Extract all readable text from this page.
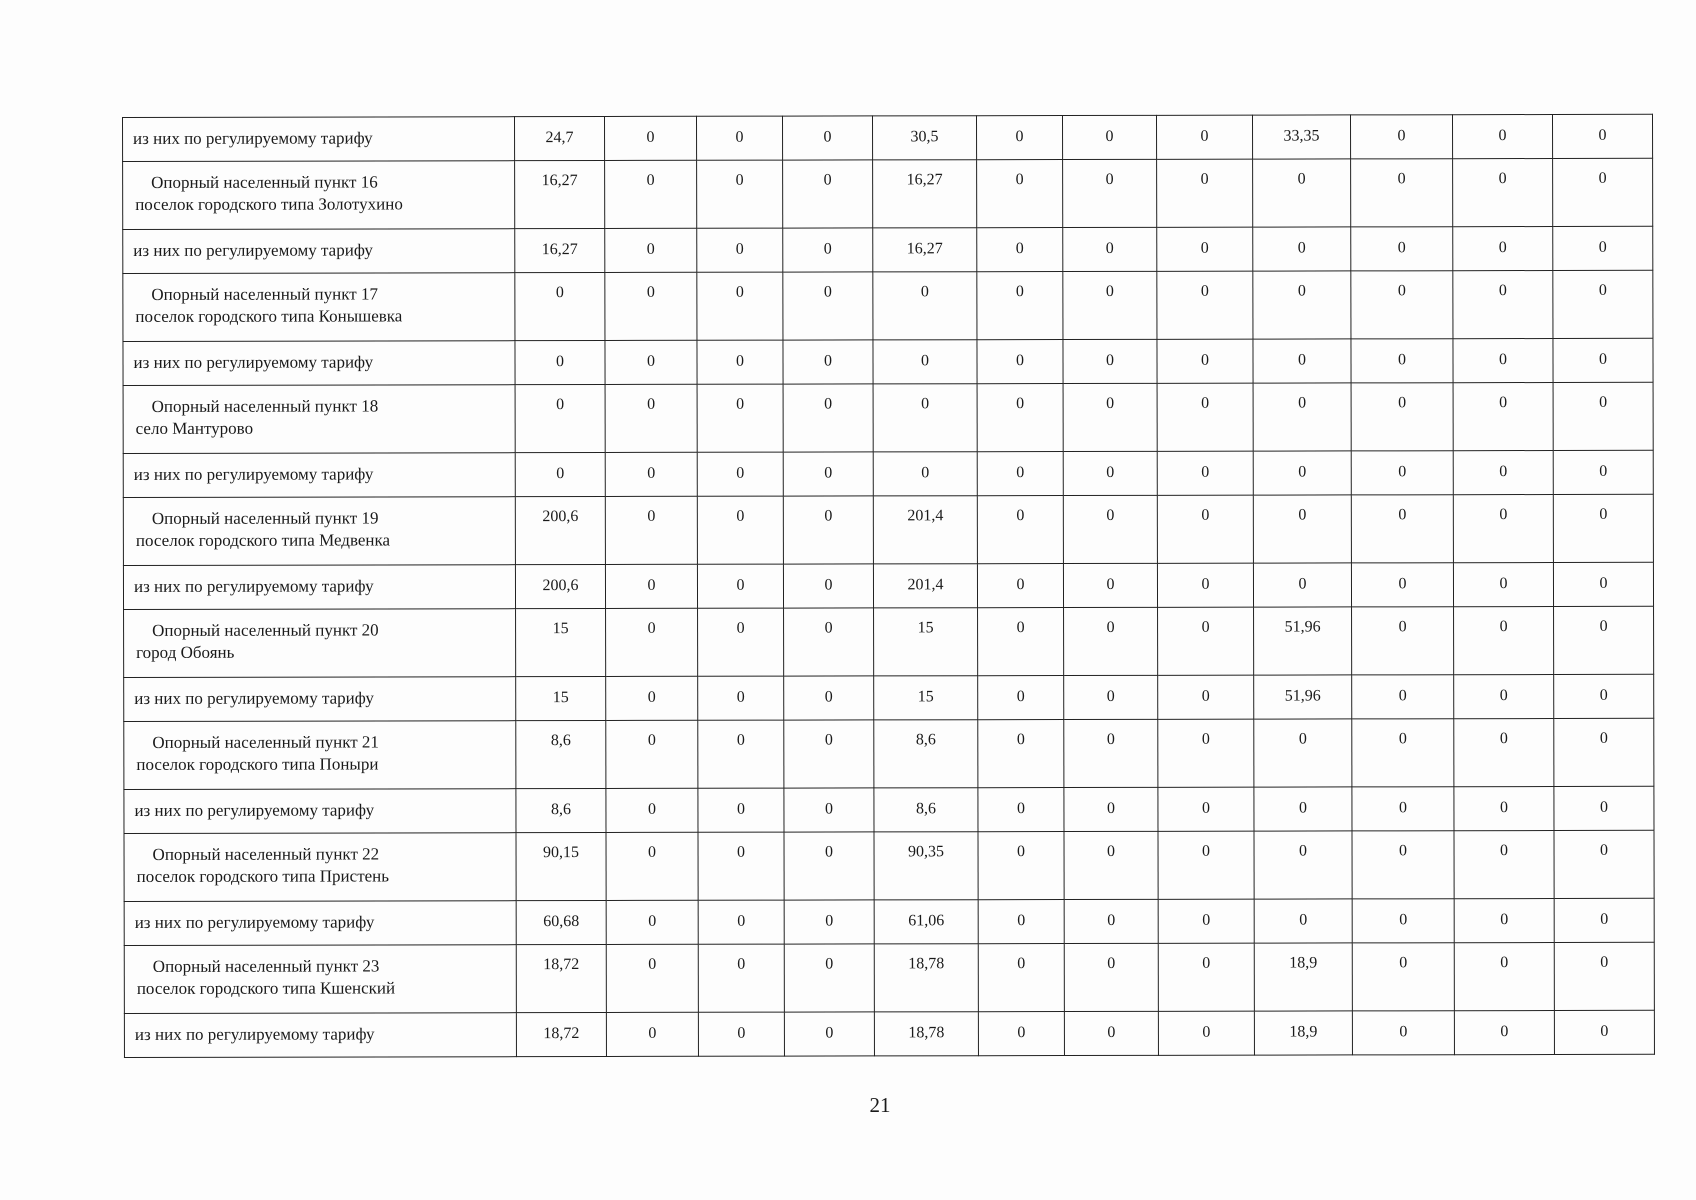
из них по регулируемому тарифу	24,7	0	0	0	30,5	0	0	0	33,35	0	0	0

Опорный населенный пункт 16
поселок городского типа Золотухино	16,27	0	0	0	16,27	0	0	0	0	0	0	0

из них по регулируемому тарифу	16,27	0	0	0	16,27	0	0	0	0	0	0	0

Опорный населенный пункт 17
поселок городского типа Конышевка	0	0	0	0	0	0	0	0	0	0	0	0

из них по регулируемому тарифу	0	0	0	0	0	0	0	0	0	0	0	0

Опорный населенный пункт 18
село Мантурово	0	0	0	0	0	0	0	0	0	0	0	0

из них по регулируемому тарифу	0	0	0	0	0	0	0	0	0	0	0	0

Опорный населенный пункт 19
поселок городского типа Медвенка	200,6	0	0	0	201,4	0	0	0	0	0	0	0

из них по регулируемому тарифу	200,6	0	0	0	201,4	0	0	0	0	0	0	0

Опорный населенный пункт 20
город Обоянь	15	0	0	0	15	0	0	0	51,96	0	0	0

из них по регулируемому тарифу	15	0	0	0	15	0	0	0	51,96	0	0	0

Опорный населенный пункт 21
поселок городского типа Поныри	8,6	0	0	0	8,6	0	0	0	0	0	0	0

из них по регулируемому тарифу	8,6	0	0	0	8,6	0	0	0	0	0	0	0

Опорный населенный пункт 22
поселок городского типа Пристень	90,15	0	0	0	90,35	0	0	0	0	0	0	0

из них по регулируемому тарифу	60,68	0	0	0	61,06	0	0	0	0	0	0	0

Опорный населенный пункт 23
поселок городского типа Кшенский	18,72	0	0	0	18,78	0	0	0	18,9	0	0	0

из них по регулируемому тарифу	18,72	0	0	0	18,78	0	0	0	18,9	0	0	0
21
